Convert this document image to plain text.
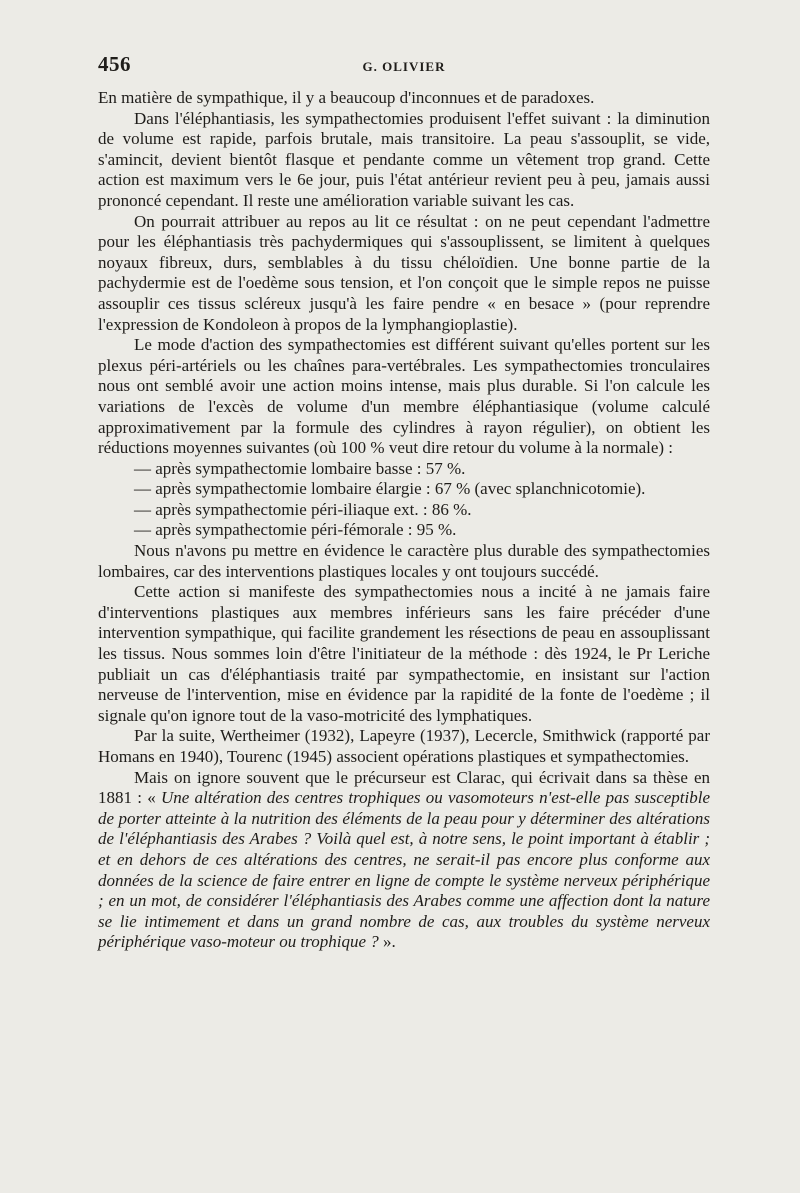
456	G. OLIVIER

En matière de sympathique, il y a beaucoup d'inconnues et de paradoxes.

Dans l'éléphantiasis, les sympathectomies produisent l'effet suivant : la diminution de volume est rapide, parfois brutale, mais transitoire. La peau s'assouplit, se vide, s'amincit, devient bientôt flasque et pendante comme un vêtement trop grand. Cette action est maximum vers le 6e jour, puis l'état antérieur revient peu à peu, jamais aussi prononcé cependant. Il reste une amélioration variable suivant les cas.

On pourrait attribuer au repos au lit ce résultat : on ne peut cependant l'admettre pour les éléphantiasis très pachydermiques qui s'assouplissent, se limitent à quelques noyaux fibreux, durs, semblables à du tissu chéloïdien. Une bonne partie de la pachydermie est de l'oedème sous tension, et l'on conçoit que le simple repos ne puisse assouplir ces tissus scléreux jusqu'à les faire pendre « en besace » (pour reprendre l'expression de Kondoleon à propos de la lymphangioplastie).

Le mode d'action des sympathectomies est différent suivant qu'elles portent sur les plexus péri-artériels ou les chaînes para-vertébrales. Les sympathectomies tronculaires nous ont semblé avoir une action moins intense, mais plus durable. Si l'on calcule les variations de l'excès de volume d'un membre éléphantiasique (volume calculé approximativement par la formule des cylindres à rayon régulier), on obtient les réductions moyennes suivantes (où 100 % veut dire retour du volume à la normale) :

— après sympathectomie lombaire basse : 57 %.

— après sympathectomie lombaire élargie : 67 % (avec splanchnicotomie).

— après sympathectomie péri-iliaque ext. : 86 %.

— après sympathectomie péri-fémorale : 95 %.

Nous n'avons pu mettre en évidence le caractère plus durable des sympathectomies lombaires, car des interventions plastiques locales y ont toujours succédé.

Cette action si manifeste des sympathectomies nous a incité à ne jamais faire d'interventions plastiques aux membres inférieurs sans les faire précéder d'une intervention sympathique, qui facilite grandement les résections de peau en assouplissant les tissus. Nous sommes loin d'être l'initiateur de la méthode : dès 1924, le Pr Leriche publiait un cas d'éléphantiasis traité par sympathectomie, en insistant sur l'action nerveuse de l'intervention, mise en évidence par la rapidité de la fonte de l'oedème ; il signale qu'on ignore tout de la vaso-motricité des lymphatiques.

Par la suite, Wertheimer (1932), Lapeyre (1937), Lecercle, Smithwick (rapporté par Homans en 1940), Tourenc (1945) associent opérations plastiques et sympathectomies.

Mais on ignore souvent que le précurseur est Clarac, qui écrivait dans sa thèse en 1881 : « Une altération des centres trophiques ou vasomoteurs n'est-elle pas susceptible de porter atteinte à la nutrition des éléments de la peau pour y déterminer des altérations de l'éléphantiasis des Arabes ? Voilà quel est, à notre sens, le point important à établir ; et en dehors de ces altérations des centres, ne serait-il pas encore plus conforme aux données de la science de faire entrer en ligne de compte le système nerveux périphérique ; en un mot, de considérer l'éléphantiasis des Arabes comme une affection dont la nature se lie intimement et dans un grand nombre de cas, aux troubles du système nerveux périphérique vaso-moteur ou trophique ? ».
